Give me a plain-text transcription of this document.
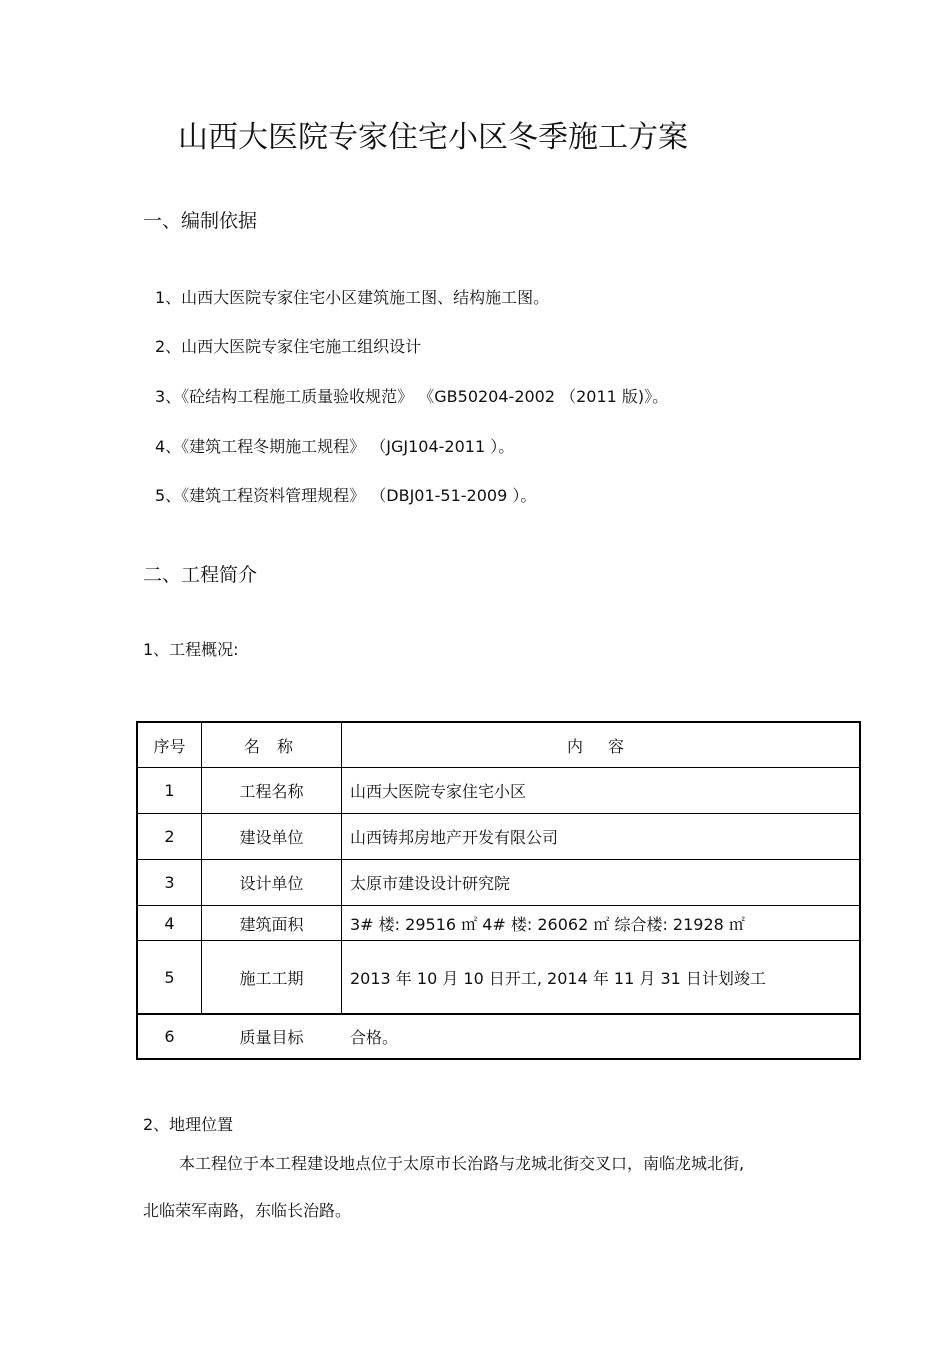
山西大医院专家住宅小区冬季施工方案
一、编制依据
1、山西大医院专家住宅小区建筑施工图、结构施工图。
2、山西大医院专家住宅施工组织设计
3、《砼结构工程施工质量验收规范》 《GB50204-2002 （2011 版)》。
4、《建筑工程冬期施工规程》 （JGJ104-2011 ）。
5、《建筑工程资料管理规程》 （DBJ01-51-2009 ）。
二、工程简介
1、工程概况:
序号	名 称	内 容
1	工程名称	山西大医院专家住宅小区
2	建设单位	山西铸邦房地产开发有限公司
3	设计单位	太原市建设设计研究院
4	建筑面积	3# 楼: 29516 ㎡ 4# 楼: 26062 ㎡ 综合楼: 21928 ㎡
5	施工工期	2013 年 10 月 10 日开工, 2014 年 11 月 31 日计划竣工
6	质量目标	合格。
2、地理位置
本工程位于本工程建设地点位于太原市长治路与龙城北街交叉口，南临龙城北街,
北临荣军南路，东临长治路。
